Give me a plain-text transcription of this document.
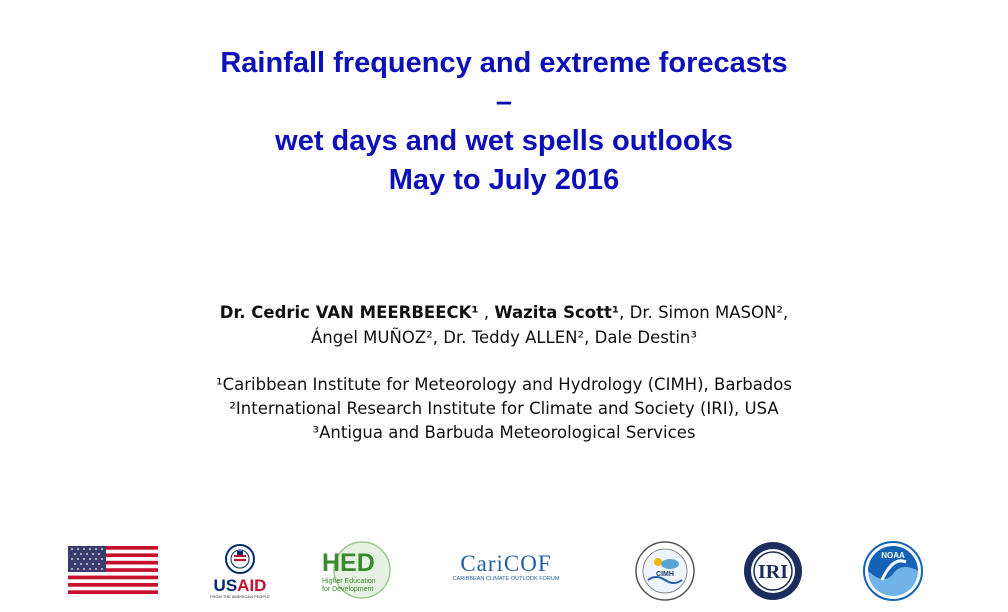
Rainfall frequency and extreme forecasts
–
wet days and wet spells outlooks
May to July 2016
Dr. Cedric VAN MEERBEECK¹ , Wazita Scott¹, Dr. Simon MASON²,
Ángel MUÑOZ², Dr. Teddy ALLEN², Dale Destin³
¹Caribbean Institute for Meteorology and Hydrology (CIMH), Barbados
²International Research Institute for Climate and Society (IRI), USA
³Antigua and Barbuda Meteorological Services
USAID
FROM THE AMERICAN PEOPLE
HED
Higher Education
for Development
CariCOF
CARIBBEAN CLIMATE OUTLOOK FORUM
CIMH	IRI
NOAA
